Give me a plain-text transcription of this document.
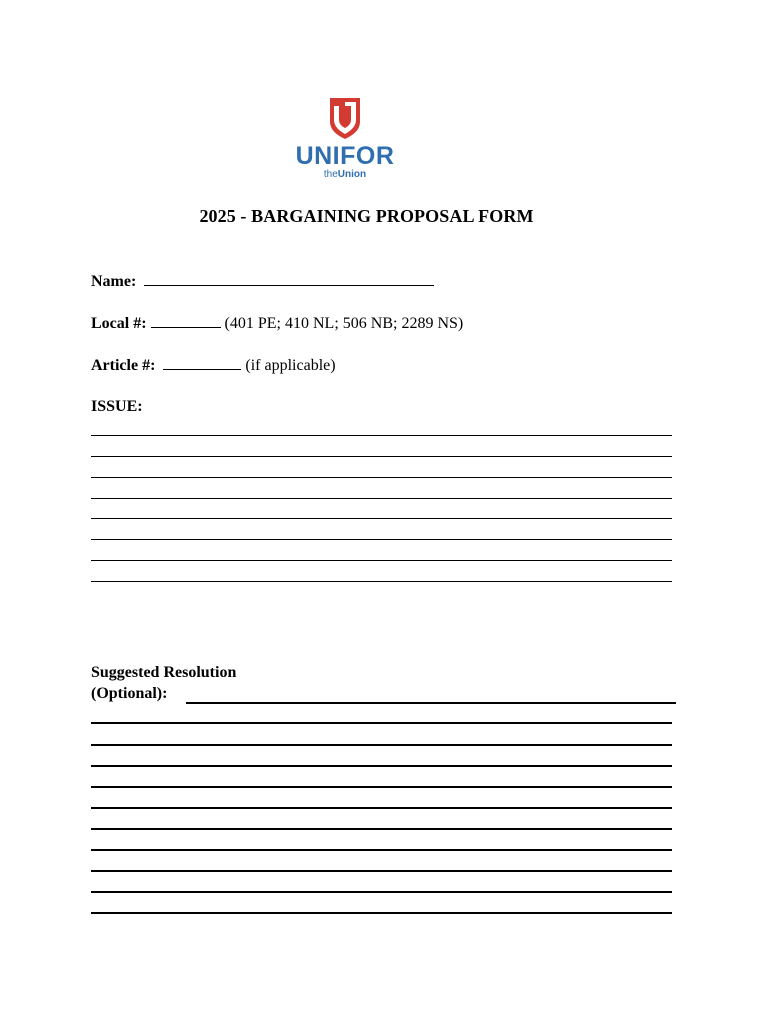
UNIFOR
theUnion
2025 - BARGAINING PROPOSAL FORM
Name:
Local #:	(401 PE; 410 NL; 506 NB; 2289 NS)
Article #:	(if applicable)
ISSUE:
Suggested Resolution
(Optional):
